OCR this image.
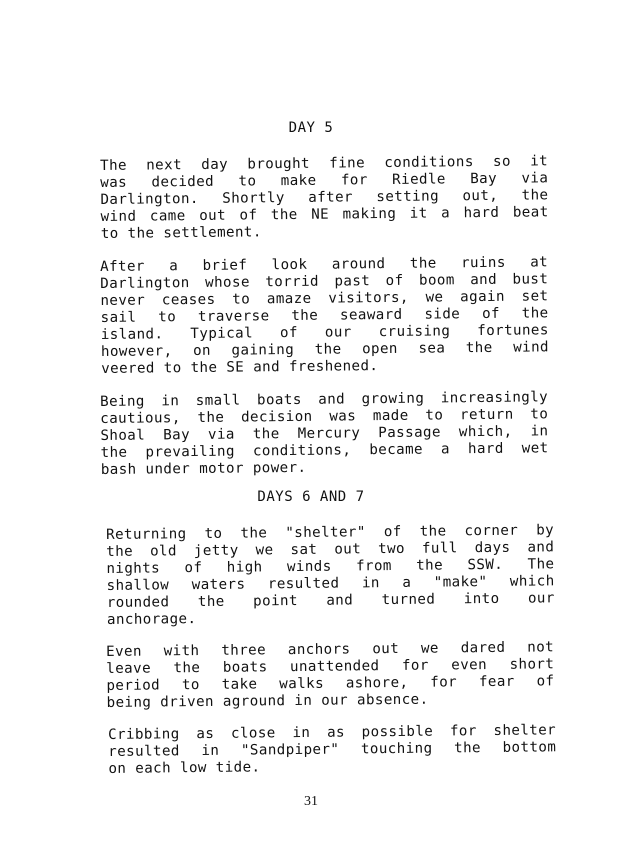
DAY 5
The next day brought fine conditions so it
was decided to make for Riedle Bay via
Darlington. Shortly after setting out, the
wind came out of the NE making it a hard beat
to the settlement.
After a brief look around the ruins at
Darlington whose torrid past of boom and bust
never ceases to amaze visitors, we again set
sail to traverse the seaward side of the
island. Typical of our cruising fortunes
however, on gaining the open sea the wind
veered to the SE and freshened.
Being in small boats and growing increasingly
cautious, the decision was made to return to
Shoal Bay via the Mercury Passage which, in
the prevailing conditions, became a hard wet
bash under motor power.
DAYS 6 AND 7
Returning to the "shelter" of the corner by
the old jetty we sat out two full days and
nights of high winds from the SSW. The
shallow waters resulted in a "make" which
rounded the point and turned into our
anchorage.
Even with three anchors out we dared not
leave the boats unattended for even short
period to take walks ashore, for fear of
being driven aground in our absence.
Cribbing as close in as possible for shelter
resulted in "Sandpiper" touching the bottom
on each low tide.
31
